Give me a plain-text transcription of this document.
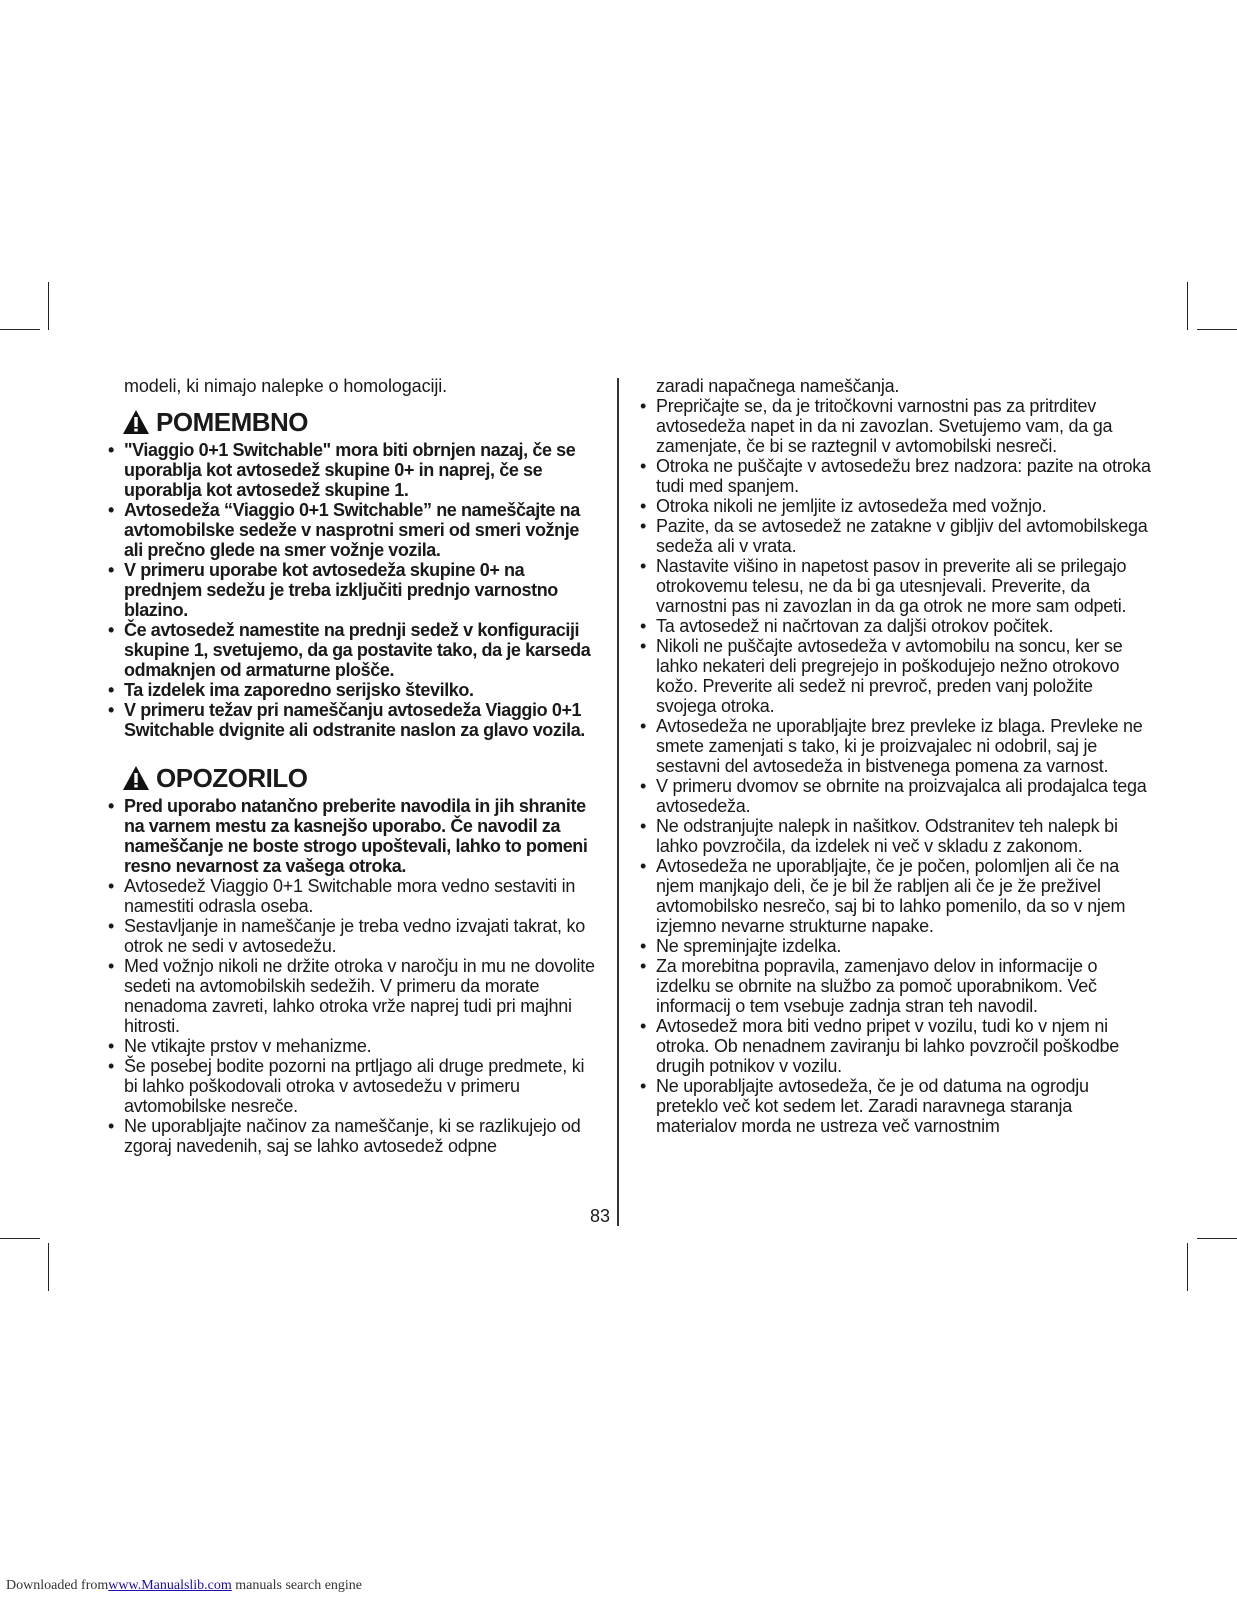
modeli, ki nimajo nalepke o homologaciji.

POMEMBNO
• "Viaggio 0+1 Switchable" mora biti obrnjen nazaj, če se uporablja kot avtosedež skupine 0+ in naprej, če se uporablja kot avtosedež skupine 1.
• Avtosedeža “Viaggio 0+1 Switchable” ne nameščajte na avtomobilske sedeže v nasprotni smeri od smeri vožnje ali prečno glede na smer vožnje vozila.
• V primeru uporabe kot avtosedeža skupine 0+ na prednjem sedežu je treba izključiti prednjo varnostno blazino.
• Če avtosedež namestite na prednji sedež v konfiguraciji skupine 1, svetujemo, da ga postavite tako, da je karseda odmaknjen od armaturne plošče.
• Ta izdelek ima zaporedno serijsko številko.
• V primeru težav pri nameščanju avtosedeža Viaggio 0+1 Switchable dvignite ali odstranite naslon za glavo vozila.
OPOZORILO
• Pred uporabo natančno preberite navodila in jih shranite na varnem mestu za kasnejšo uporabo. Če navodil za nameščanje ne boste strogo upoštevali, lahko to pomeni resno nevarnost za vašega otroka.
• Avtosedež Viaggio 0+1 Switchable mora vedno sestaviti in namestiti odrasla oseba.
• Sestavljanje in nameščanje je treba vedno izvajati takrat, ko otrok ne sedi v avtosedežu.
• Med vožnjo nikoli ne držite otroka v naročju in mu ne dovolite sedeti na avtomobilskih sedežih. V primeru da morate nenadoma zavreti, lahko otroka vrže naprej tudi pri majhni hitrosti.
• Ne vtikajte prstov v mehanizme.
• Še posebej bodite pozorni na prtljago ali druge predmete, ki bi lahko poškodovali otroka v avtosedežu v primeru avtomobilske nesreče.
• Ne uporabljajte načinov za nameščanje, ki se razlikujejo od zgoraj navedenih, saj se lahko avtosedež odpne
zaradi napačnega nameščanja.
• Prepričajte se, da je tritočkovni varnostni pas za pritrditev avtosedeža napet in da ni zavozlan. Svetujemo vam, da ga zamenjate, če bi se raztegnil v avtomobilski nesreči.
• Otroka ne puščajte v avtosedežu brez nadzora: pazite na otroka tudi med spanjem.
• Otroka nikoli ne jemljite iz avtosedeža med vožnjo.
• Pazite, da se avtosedež ne zatakne v gibljiv del avtomobilskega sedeža ali v vrata.
• Nastavite višino in napetost pasov in preverite ali se prilegajo otrokovemu telesu, ne da bi ga utesnjevali. Preverite, da varnostni pas ni zavozlan in da ga otrok ne more sam odpeti.
• Ta avtosedež ni načrtovan za daljši otrokov počitek.
• Nikoli ne puščajte avtosedeža v avtomobilu na soncu, ker se lahko nekateri deli pregrejejo in poškodujejo nežno otrokovo kožo. Preverite ali sedež ni prevroč, preden vanj položite svojega otroka.
• Avtosedeža ne uporabljajte brez prevleke iz blaga. Prevleke ne smete zamenjati s tako, ki je proizvajalec ni odobril, saj je sestavni del avtosedeža in bistvenega pomena za varnost.
• V primeru dvomov se obrnite na proizvajalca ali prodajalca tega avtosedeža.
• Ne odstranjujte nalepk in našitkov. Odstranitev teh nalepk bi lahko povzročila, da izdelek ni več v skladu z zakonom.
• Avtosedeža ne uporabljajte, če je počen, polomljen ali če na njem manjkajo deli, če je bil že rabljen ali če je že preživel avtomobilsko nesrečo, saj bi to lahko pomenilo, da so v njem izjemno nevarne strukturne napake.
• Ne spreminjajte izdelka.
• Za morebitna popravila, zamenjavo delov in informacije o izdelku se obrnite na službo za pomoč uporabnikom. Več informacij o tem vsebuje zadnja stran teh navodil.
• Avtosedež mora biti vedno pripet v vozilu, tudi ko v njem ni otroka. Ob nenadnem zaviranju bi lahko povzročil poškodbe drugih potnikov v vozilu.
• Ne uporabljajte avtosedeža, če je od datuma na ogrodju preteklo več kot sedem let. Zaradi naravnega staranja materialov morda ne ustreza več varnostnim
83
Downloaded fromwww.Manualslib.com manuals search engine
